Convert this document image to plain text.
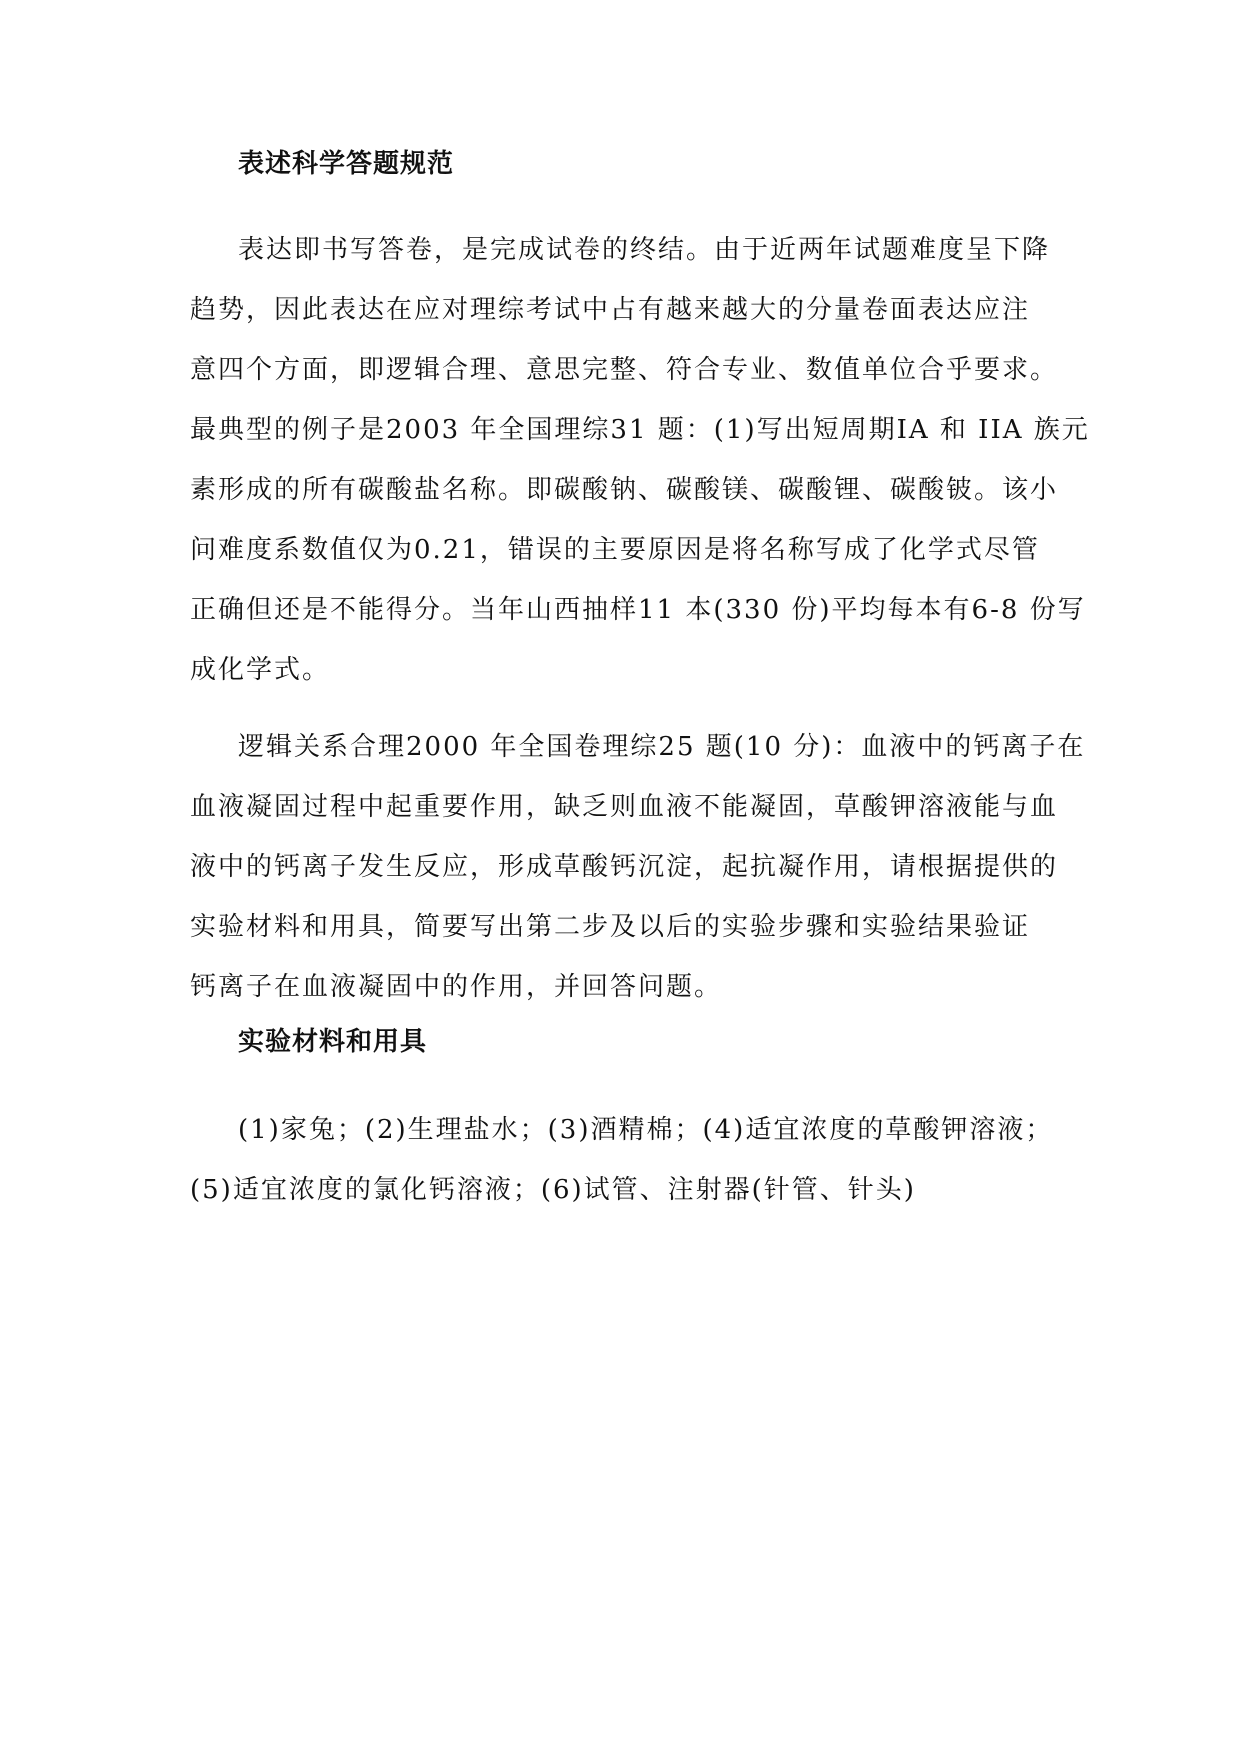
表述科学答题规范
表达即书写答卷，是完成试卷的终结。由于近两年试题难度呈下降
趋势，因此表达在应对理综考试中占有越来越大的分量卷面表达应注
意四个方面，即逻辑合理、意思完整、符合专业、数值单位合乎要求。
最典型的例子是2003 年全国理综31 题：(1)写出短周期IA 和 IIA 族元
素形成的所有碳酸盐名称。即碳酸钠、碳酸镁、碳酸锂、碳酸铍。该小
问难度系数值仅为0.21，错误的主要原因是将名称写成了化学式尽管
正确但还是不能得分。当年山西抽样11 本(330 份)平均每本有6-8 份写
成化学式。
逻辑关系合理2000 年全国卷理综25 题(10 分)：血液中的钙离子在
血液凝固过程中起重要作用，缺乏则血液不能凝固，草酸钾溶液能与血
液中的钙离子发生反应，形成草酸钙沉淀，起抗凝作用，请根据提供的
实验材料和用具，简要写出第二步及以后的实验步骤和实验结果验证
钙离子在血液凝固中的作用，并回答问题。
实验材料和用具
(1)家兔；(2)生理盐水；(3)酒精棉；(4)适宜浓度的草酸钾溶液；
(5)适宜浓度的氯化钙溶液；(6)试管、注射器(针管、针头)
